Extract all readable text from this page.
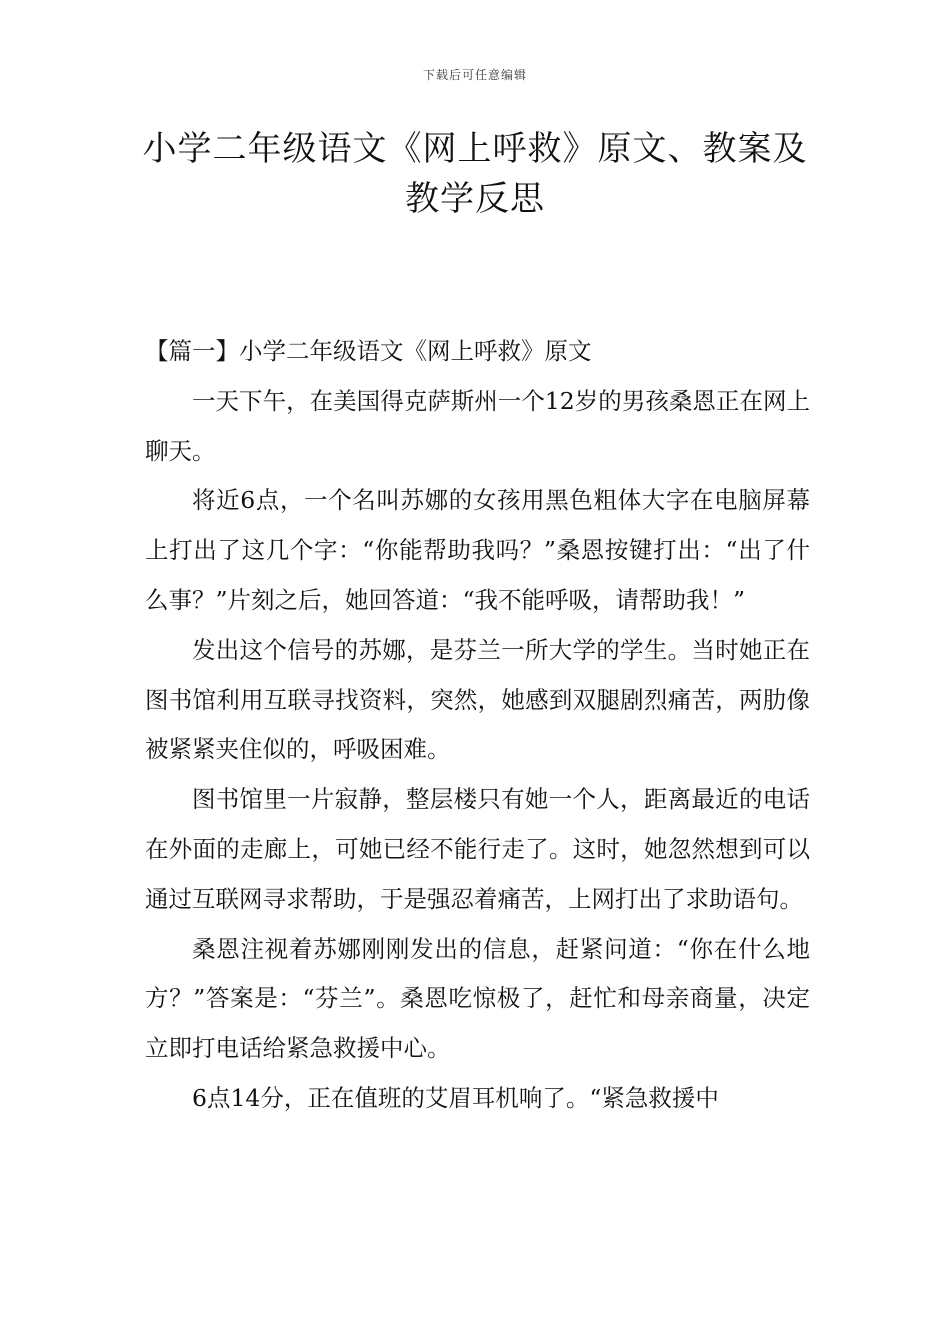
下载后可任意编辑
小学二年级语文《网上呼救》原文、教案及教学反思

【篇一】小学二年级语文《网上呼救》原文

一天下午，在美国得克萨斯州一个12岁的男孩桑恩正在网上聊天。

将近6点，一个名叫苏娜的女孩用黑色粗体大字在电脑屏幕上打出了这几个字：“你能帮助我吗？”桑恩按键打出：“出了什么事？”片刻之后，她回答道：“我不能呼吸，请帮助我！”

发出这个信号的苏娜，是芬兰一所大学的学生。当时她正在图书馆利用互联寻找资料，突然，她感到双腿剧烈痛苦，两肋像被紧紧夹住似的，呼吸困难。

图书馆里一片寂静，整层楼只有她一个人，距离最近的电话在外面的走廊上，可她已经不能行走了。这时，她忽然想到可以通过互联网寻求帮助，于是强忍着痛苦，上网打出了求助语句。

桑恩注视着苏娜刚刚发出的信息，赶紧问道：“你在什么地方？”答案是：“芬兰”。桑恩吃惊极了，赶忙和母亲商量，决定立即打电话给紧急救援中心。

6点14分，正在值班的艾眉耳机响了。“紧急救援中
